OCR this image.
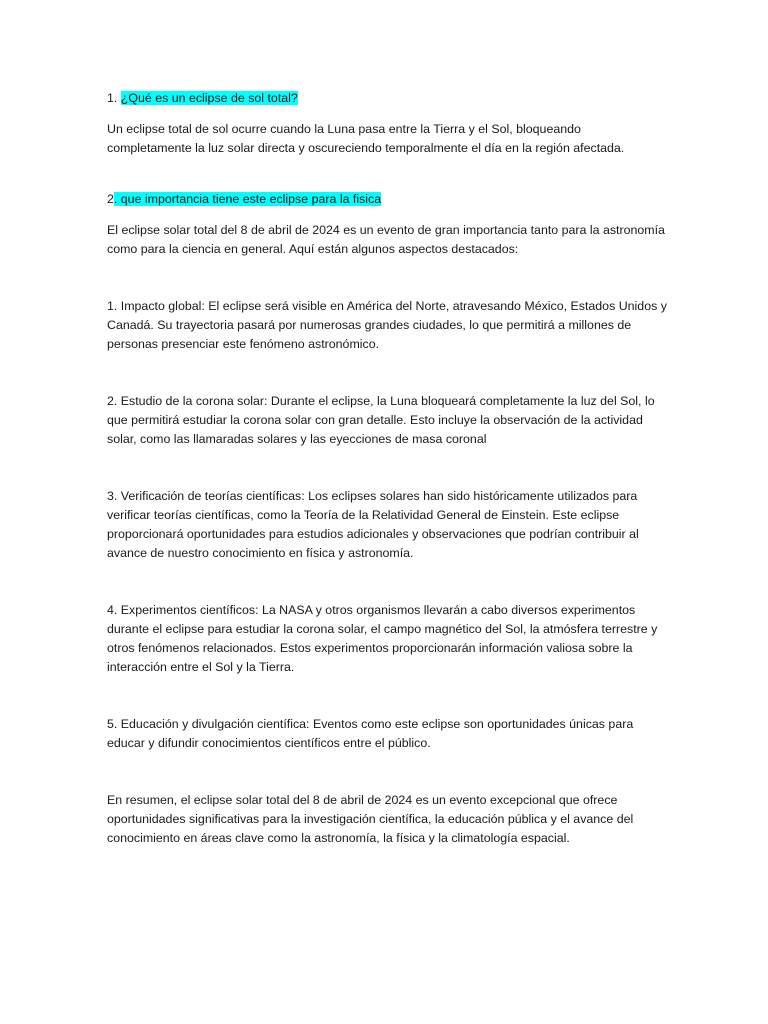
1. ¿Qué es un eclipse de sol total?

Un eclipse total de sol ocurre cuando la Luna pasa entre la Tierra y el Sol, bloqueando completamente la luz solar directa y oscureciendo temporalmente el día en la región afectada.

2. que importancia tiene este eclipse para la fisica

El eclipse solar total del 8 de abril de 2024 es un evento de gran importancia tanto para la astronomía como para la ciencia en general. Aquí están algunos aspectos destacados:

1. Impacto global: El eclipse será visible en América del Norte, atravesando México, Estados Unidos y Canadá. Su trayectoria pasará por numerosas grandes ciudades, lo que permitirá a millones de personas presenciar este fenómeno astronómico.

2. Estudio de la corona solar: Durante el eclipse, la Luna bloqueará completamente la luz del Sol, lo que permitirá estudiar la corona solar con gran detalle. Esto incluye la observación de la actividad solar, como las llamaradas solares y las eyecciones de masa coronal

3. Verificación de teorías científicas: Los eclipses solares han sido históricamente utilizados para verificar teorías científicas, como la Teoría de la Relatividad General de Einstein. Este eclipse proporcionará oportunidades para estudios adicionales y observaciones que podrían contribuir al avance de nuestro conocimiento en física y astronomía.

4. Experimentos científicos: La NASA y otros organismos llevarán a cabo diversos experimentos durante el eclipse para estudiar la corona solar, el campo magnético del Sol, la atmósfera terrestre y otros fenómenos relacionados. Estos experimentos proporcionarán información valiosa sobre la interacción entre el Sol y la Tierra.

5. Educación y divulgación científica: Eventos como este eclipse son oportunidades únicas para educar y difundir conocimientos científicos entre el público.

En resumen, el eclipse solar total del 8 de abril de 2024 es un evento excepcional que ofrece oportunidades significativas para la investigación científica, la educación pública y el avance del conocimiento en áreas clave como la astronomía, la física y la climatología espacial.
